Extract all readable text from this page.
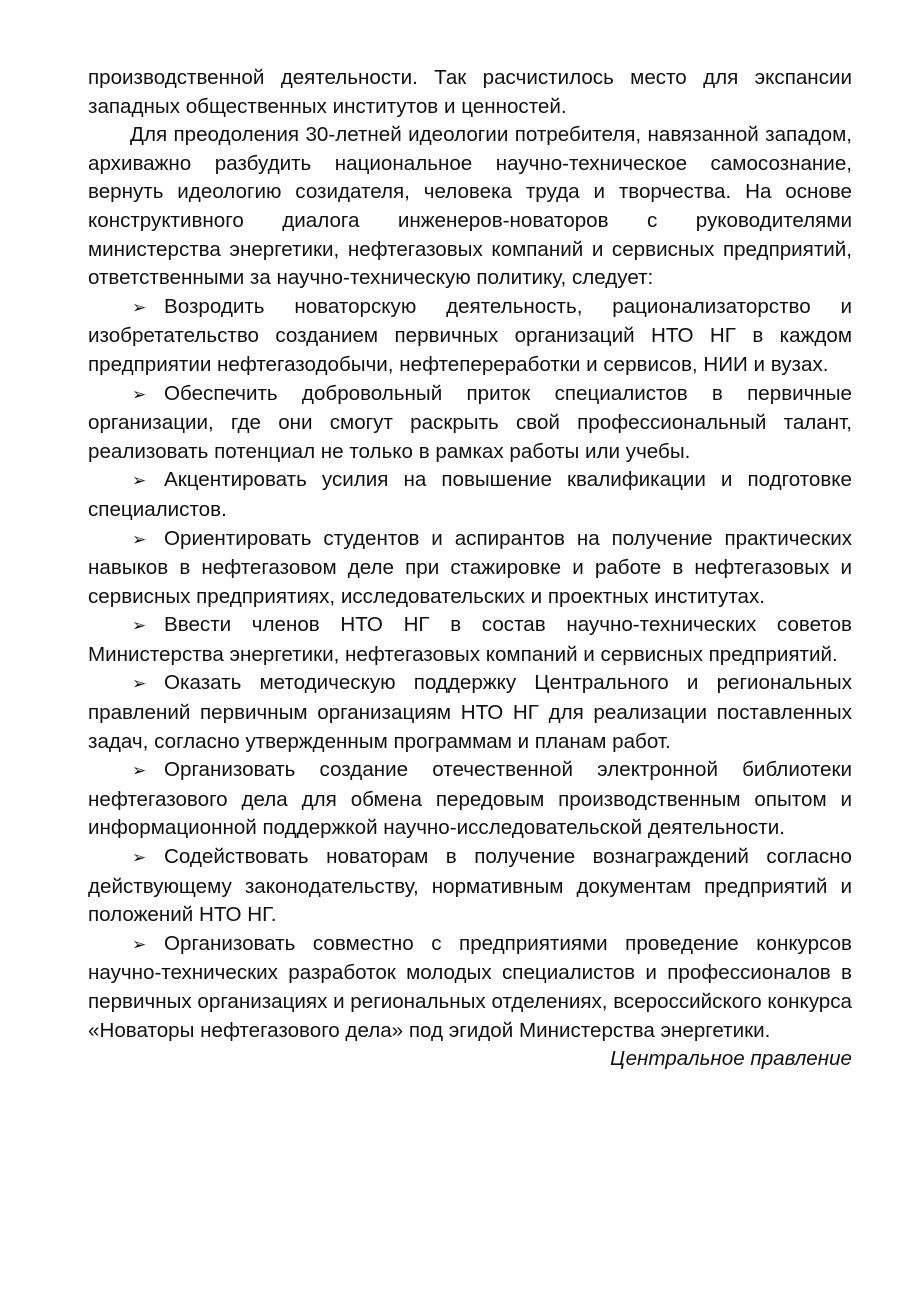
производственной деятельности. Так расчистилось место для экспансии западных общественных институтов и ценностей.

Для преодоления 30-летней идеологии потребителя, навязанной западом, архиважно разбудить национальное научно-техническое самосознание, вернуть идеологию созидателя, человека труда и творчества. На основе конструктивного диалога инженеров-новаторов с руководителями министерства энергетики, нефтегазовых компаний и сервисных предприятий, ответственными за научно-техническую политику, следует:

➢ Возродить новаторскую деятельность, рационализаторство и изобретательство созданием первичных организаций НТО НГ в каждом предприятии нефтегазодобычи, нефтепереработки и сервисов, НИИ и вузах.

➢ Обеспечить добровольный приток специалистов в первичные организации, где они смогут раскрыть свой профессиональный талант, реализовать потенциал не только в рамках работы или учебы.

➢ Акцентировать усилия на повышение квалификации и подготовке специалистов.

➢ Ориентировать студентов и аспирантов на получение практических навыков в нефтегазовом деле при стажировке и работе в нефтегазовых и сервисных предприятиях, исследовательских и проектных институтах.

➢ Ввести членов НТО НГ в состав научно-технических советов Министерства энергетики, нефтегазовых компаний и сервисных предприятий.

➢ Оказать методическую поддержку Центрального и региональных правлений первичным организациям НТО НГ для реализации поставленных задач, согласно утвержденным программам и планам работ.

➢ Организовать создание отечественной электронной библиотеки нефтегазового дела для обмена передовым производственным опытом и информационной поддержкой научно-исследовательской деятельности.

➢ Содействовать новаторам в получение вознаграждений согласно действующему законодательству, нормативным документам предприятий и положений НТО НГ.

➢ Организовать совместно с предприятиями проведение конкурсов научно-технических разработок молодых специалистов и профессионалов в первичных организациях и региональных отделениях, всероссийского конкурса «Новаторы нефтегазового дела» под эгидой Министерства энергетики.

Центральное правление
